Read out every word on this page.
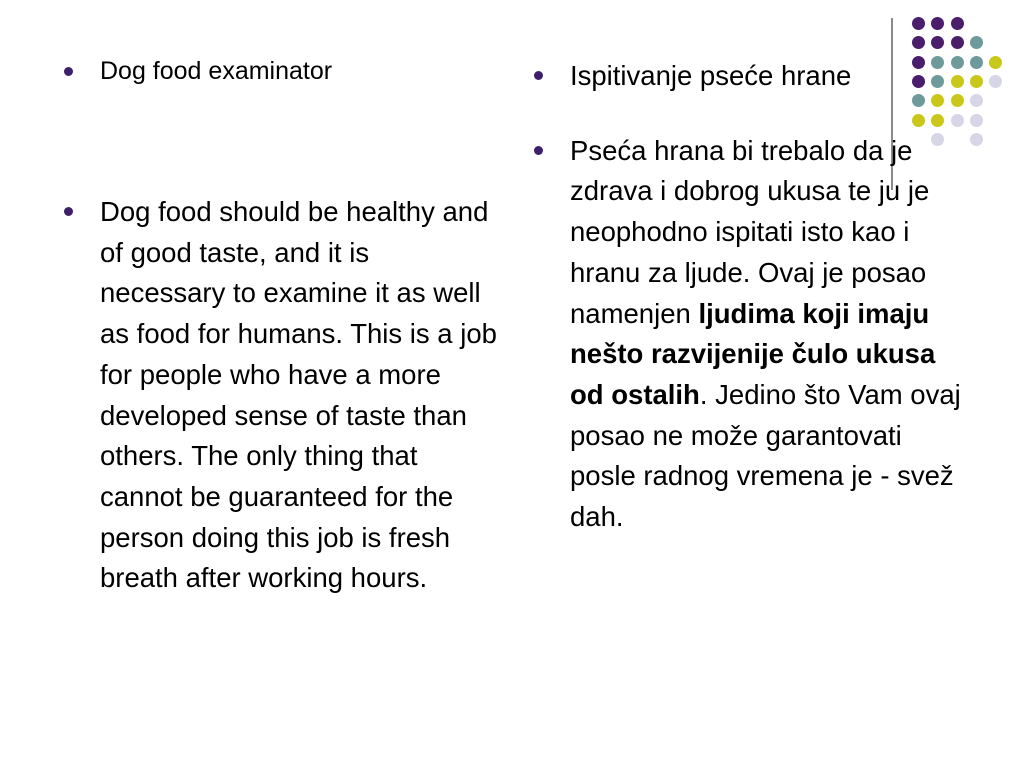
Dog food examinator
Dog food should be healthy and of good taste, and it is necessary to examine it as well as food for humans. This is a job for people who have a more developed sense of taste than others. The only thing that cannot be guaranteed for the person doing this job is fresh breath after working hours.
Ispitivanje pseće hrane
Pseća hrana bi trebalo da je zdrava i dobrog ukusa te ju je neophodno ispitati isto kao i hranu za ljude. Ovaj je posao namenjen ljudima koji imaju nešto razvijenije čulo ukusa od ostalih. Jedino što Vam ovaj posao ne može garantovati posle radnog vremena je - svež dah.
